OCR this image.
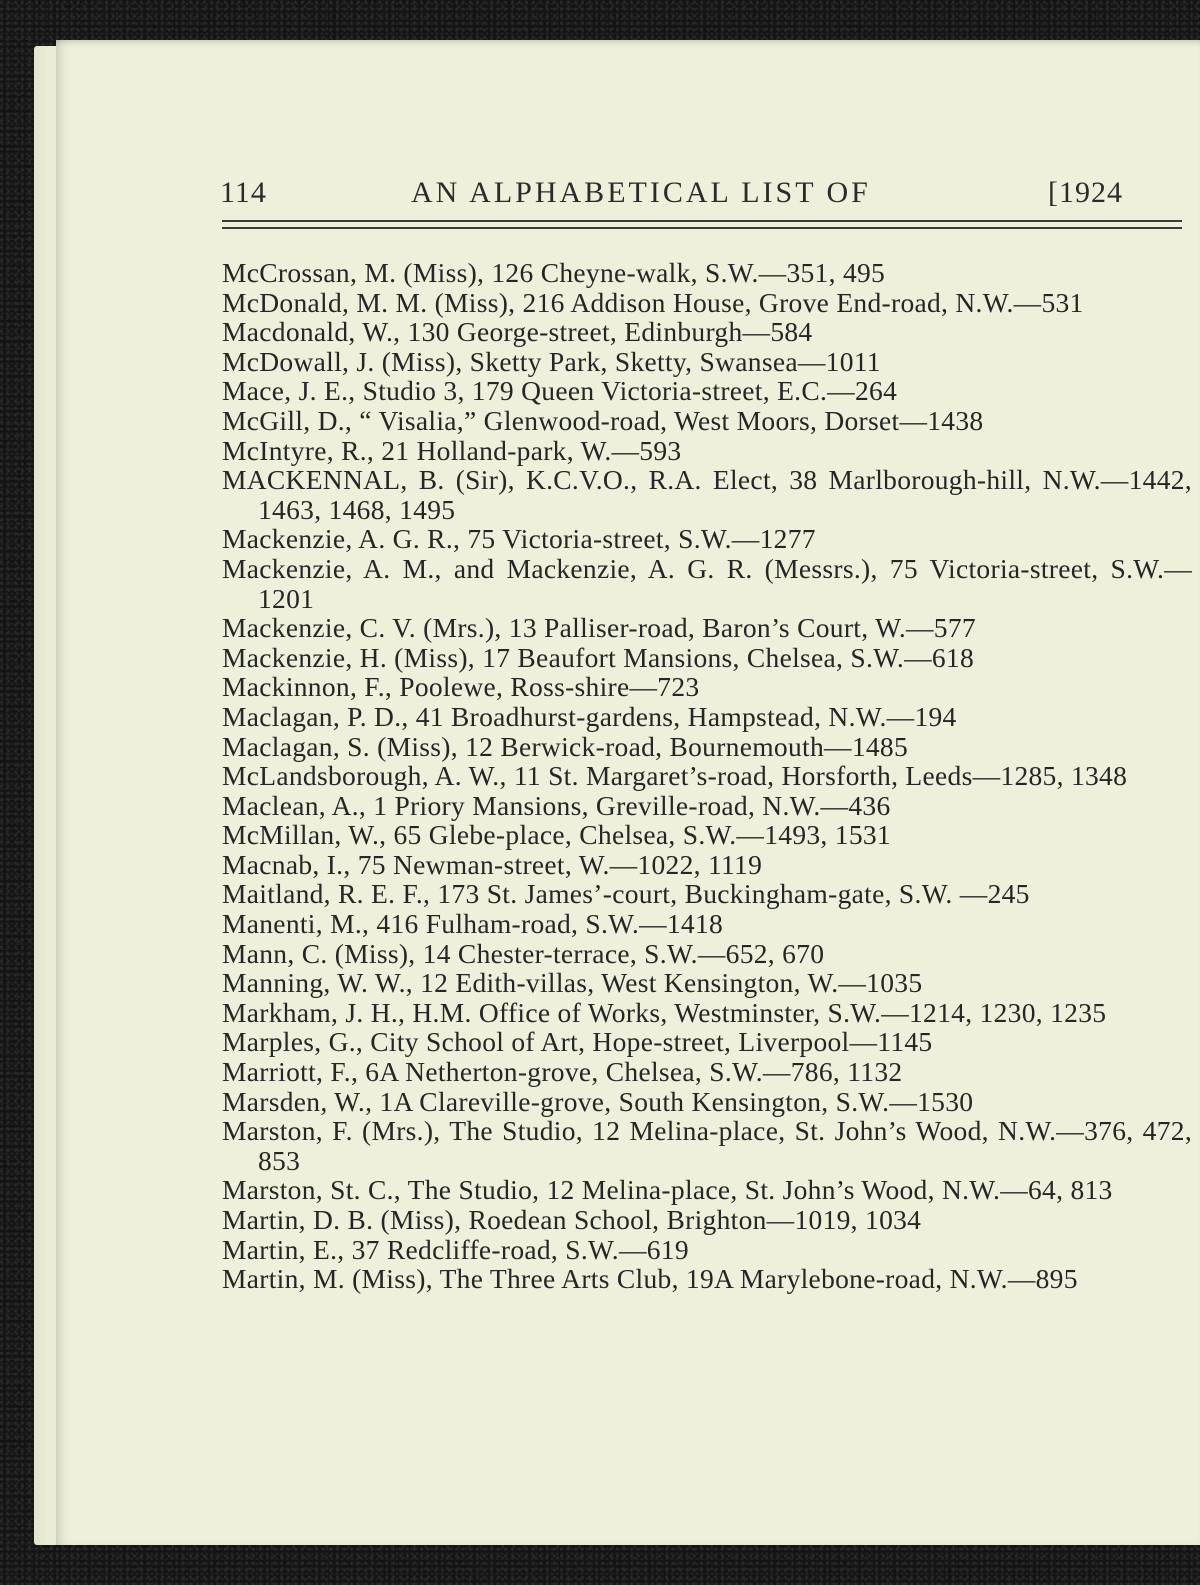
114	AN ALPHABETICAL LIST OF	[1924
McCrossan, M. (Miss), 126 Cheyne-walk, S.W.—351, 495
McDonald, M. M. (Miss), 216 Addison House, Grove End-road, N.W.—531
Macdonald, W., 130 George-street, Edinburgh—584
McDowall, J. (Miss), Sketty Park, Sketty, Swansea—1011
Mace, J. E., Studio 3, 179 Queen Victoria-street, E.C.—264
McGill, D., “ Visalia,” Glenwood-road, West Moors, Dorset—1438
McIntyre, R., 21 Holland-park, W.—593
MACKENNAL, B. (Sir), K.C.V.O., R.A. Elect, 38 Marlborough-hill, N.W.—1442, 1463, 1468, 1495
Mackenzie, A. G. R., 75 Victoria-street, S.W.—1277
Mackenzie, A. M., and Mackenzie, A. G. R. (Messrs.), 75 Victoria-street, S.W.—1201
Mackenzie, C. V. (Mrs.), 13 Palliser-road, Baron’s Court, W.—577
Mackenzie, H. (Miss), 17 Beaufort Mansions, Chelsea, S.W.—618
Mackinnon, F., Poolewe, Ross-shire—723
Maclagan, P. D., 41 Broadhurst-gardens, Hampstead, N.W.—194
Maclagan, S. (Miss), 12 Berwick-road, Bournemouth—1485
McLandsborough, A. W., 11 St. Margaret’s-road, Horsforth, Leeds—1285, 1348
Maclean, A., 1 Priory Mansions, Greville-road, N.W.—436
McMillan, W., 65 Glebe-place, Chelsea, S.W.—1493, 1531
Macnab, I., 75 Newman-street, W.—1022, 1119
Maitland, R. E. F., 173 St. James’-court, Buckingham-gate, S.W. —245
Manenti, M., 416 Fulham-road, S.W.—1418
Mann, C. (Miss), 14 Chester-terrace, S.W.—652, 670
Manning, W. W., 12 Edith-villas, West Kensington, W.—1035
Markham, J. H., H.M. Office of Works, Westminster, S.W.—1214, 1230, 1235
Marples, G., City School of Art, Hope-street, Liverpool—1145
Marriott, F., 6A Netherton-grove, Chelsea, S.W.—786, 1132
Marsden, W., 1A Clareville-grove, South Kensington, S.W.—1530
Marston, F. (Mrs.), The Studio, 12 Melina-place, St. John’s Wood, N.W.—376, 472, 853
Marston, St. C., The Studio, 12 Melina-place, St. John’s Wood, N.W.—64, 813
Martin, D. B. (Miss), Roedean School, Brighton—1019, 1034
Martin, E., 37 Redcliffe-road, S.W.—619
Martin, M. (Miss), The Three Arts Club, 19A Marylebone-road, N.W.—895
